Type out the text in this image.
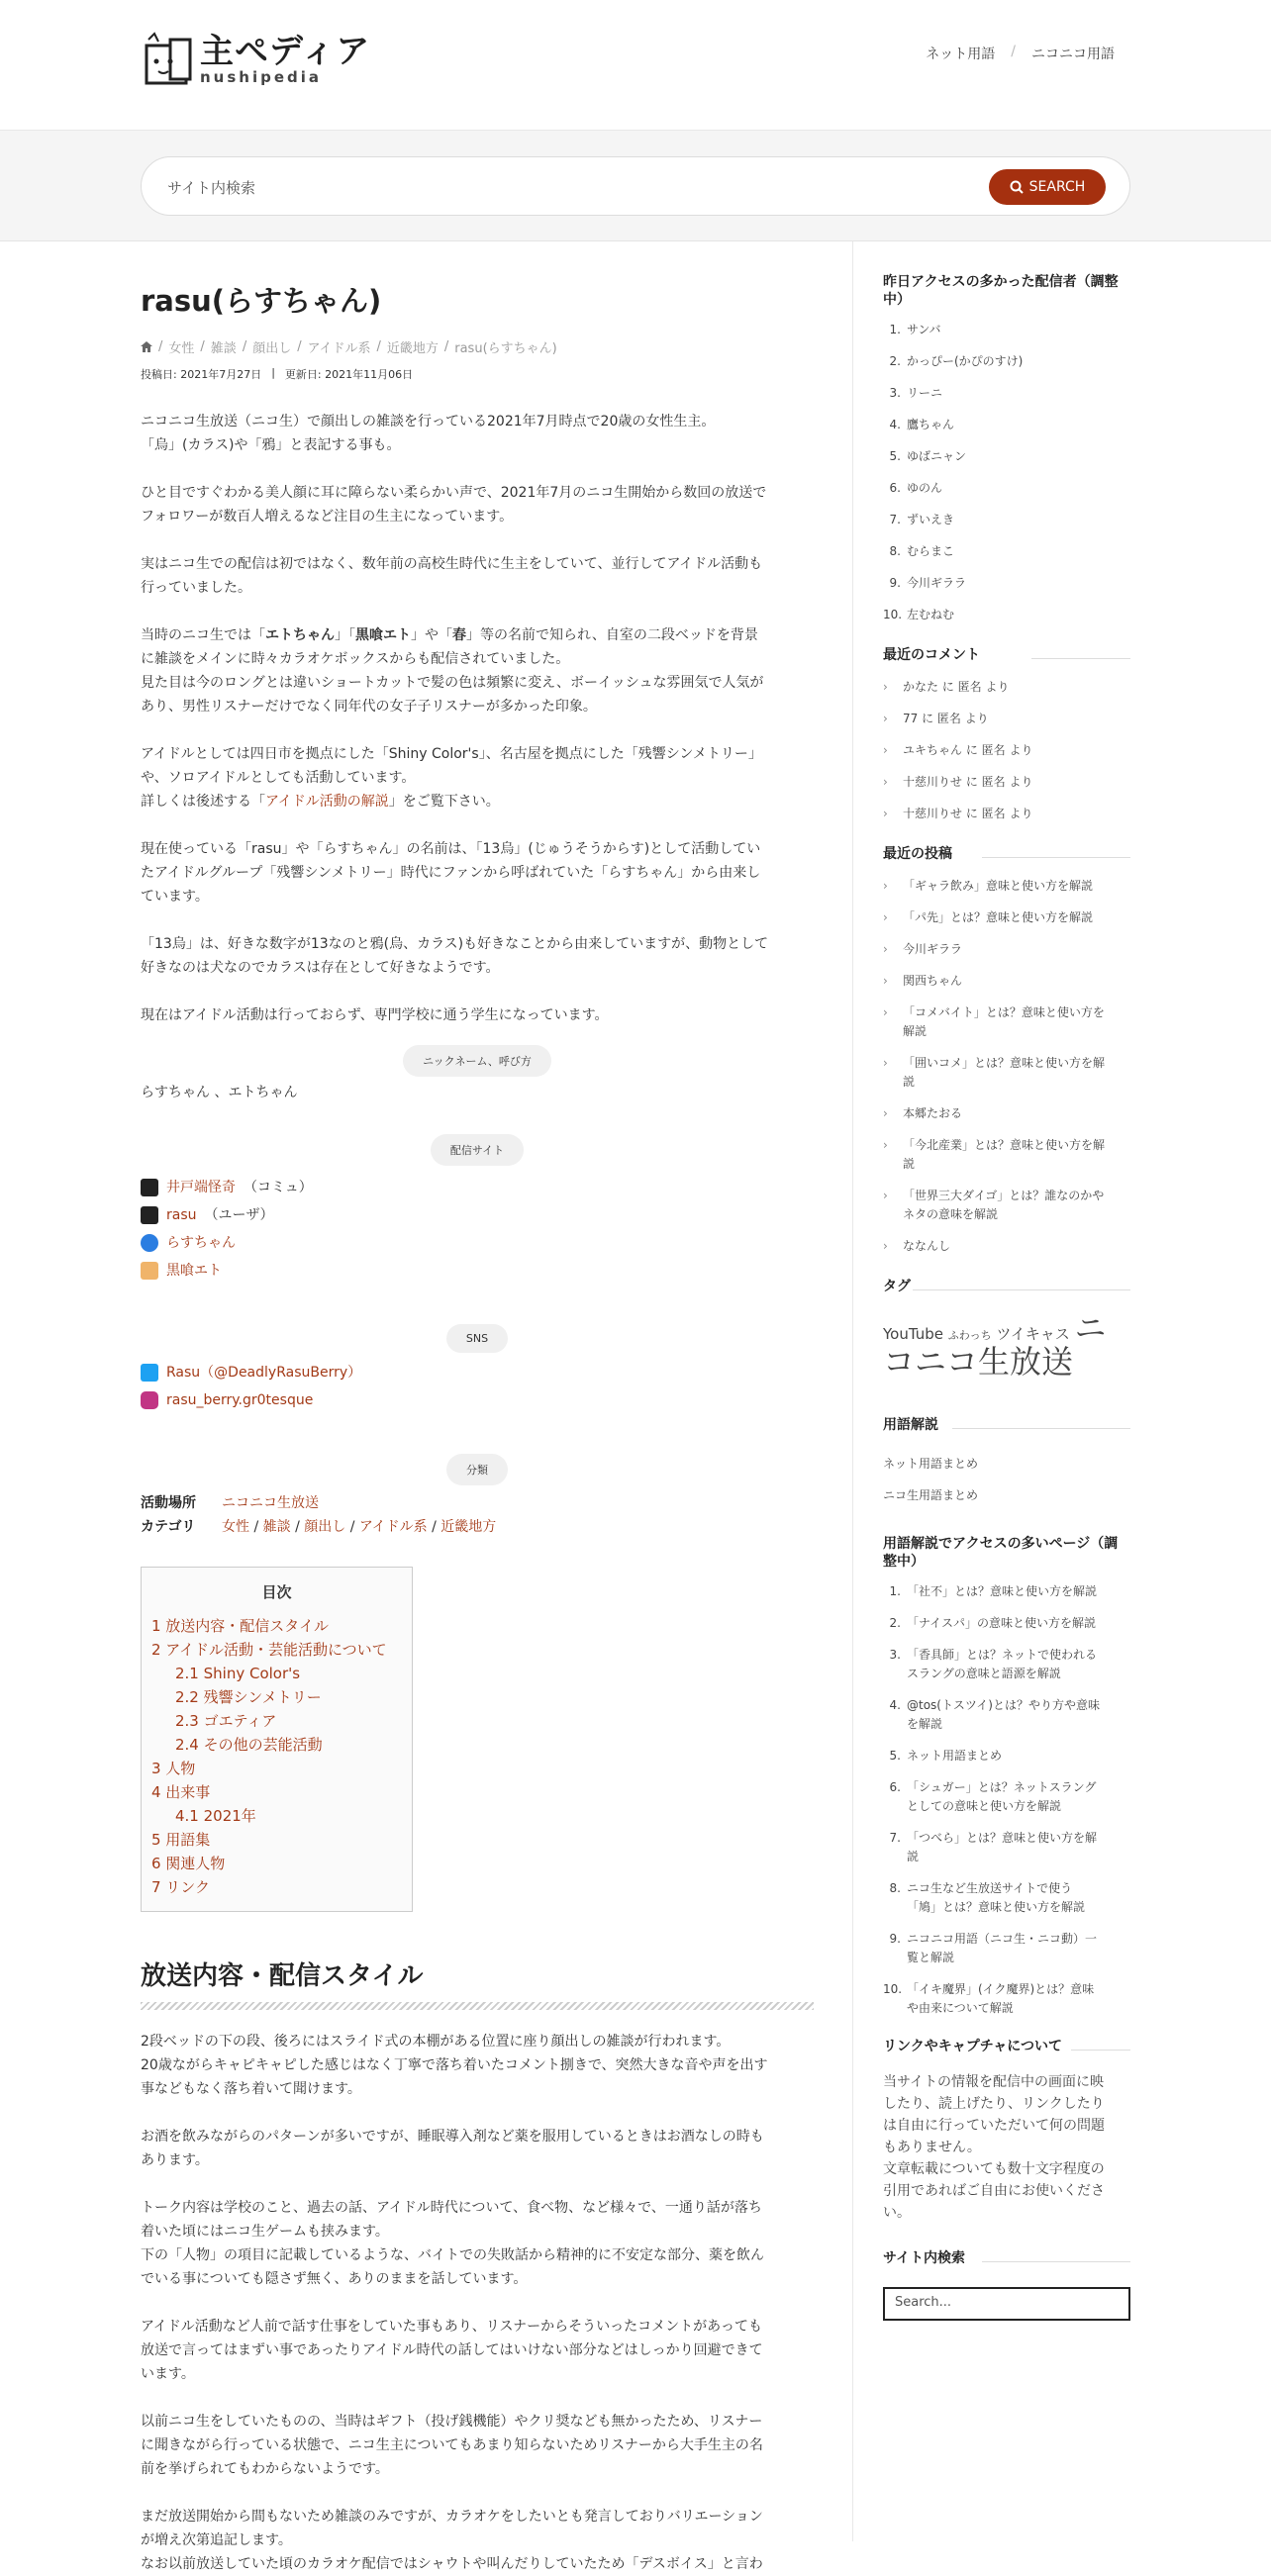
主ペディア
nushipedia
ネット用語 / ニコニコ用語
サイト内検索	SEARCH
rasu(らすちゃん)
/ 女性 / 雑談 / 顔出し / アイドル系 / 近畿地方 / rasu(らすちゃん)
投稿日: 2021年7月27日 | 更新日: 2021年11月06日
ニコニコ生放送（ニコ生）で顔出しの雑談を行っている2021年7月時点で20歳の女性生主。
「烏」(カラス)や「鴉」と表記する事も。
ひと目ですぐわかる美人顔に耳に障らない柔らかい声で、2021年7月のニコ生開始から数回の放送で
フォロワーが数百人増えるなど注目の生主になっています。
実はニコ生での配信は初ではなく、数年前の高校生時代に生主をしていて、並行してアイドル活動も
行っていました。
当時のニコ生では「エトちゃん」「黒喰エト」や「春」等の名前で知られ、自室の二段ベッドを背景
に雑談をメインに時々カラオケボックスからも配信されていました。
見た目は今のロングとは違いショートカットで髪の色は頻繁に変え、ボーイッシュな雰囲気で人気が
あり、男性リスナーだけでなく同年代の女子子リスナーが多かった印象。
アイドルとしては四日市を拠点にした「Shiny Color's」、名古屋を拠点にした「残響シンメトリー」
や、ソロアイドルとしても活動しています。
詳しくは後述する「アイドル活動の解説」をご覧下さい。
現在使っている「rasu」や「らすちゃん」の名前は、「13烏」(じゅうそうからす)として活動してい
たアイドルグループ「残響シンメトリー」時代にファンから呼ばれていた「らすちゃん」から由来し
ています。
「13烏」は、好きな数字が13なのと鴉(烏、カラス)も好きなことから由来していますが、動物として
好きなのは犬なのでカラスは存在として好きなようです。
現在はアイドル活動は行っておらず、専門学校に通う学生になっています。
ニックネーム、呼び方
らすちゃん 、エトちゃん
配信サイト
井戸端怪奇 （コミュ）
rasu （ユーザ）
らすちゃん
黒喰エト
SNS
Rasu（@DeadlyRasuBerry）
rasu_berry.gr0tesque
分類
活動場所	ニコニコ生放送
カテゴリ	女性 / 雑談 / 顔出し / アイドル系 / 近畿地方
目次
1 放送内容・配信スタイル
2 アイドル活動・芸能活動について
2.1 Shiny Color's
2.2 残響シンメトリー
2.3 ゴエティア
2.4 その他の芸能活動
3 人物
4 出来事
4.1 2021年
5 用語集
6 関連人物
7 リンク
放送内容・配信スタイル
2段ベッドの下の段、後ろにはスライド式の本棚がある位置に座り顔出しの雑談が行われます。
20歳ながらキャピキャピした感じはなく丁寧で落ち着いたコメント捌きで、突然大きな音や声を出す
事などもなく落ち着いて聞けます。
お酒を飲みながらのパターンが多いですが、睡眠導入剤など薬を服用しているときはお酒なしの時も
あります。
トーク内容は学校のこと、過去の話、アイドル時代について、食べ物、など様々で、一通り話が落ち
着いた頃にはニコ生ゲームも挟みます。
下の「人物」の項目に記載しているような、バイトでの失敗話から精神的に不安定な部分、薬を飲ん
でいる事についても隠さず無く、ありのままを話しています。
アイドル活動など人前で話す仕事をしていた事もあり、リスナーからそういったコメントがあっても
放送で言ってはまずい事であったりアイドル時代の話してはいけない部分などはしっかり回避できて
います。
以前ニコ生をしていたものの、当時はギフト（投げ銭機能）やクリ奨なども無かったため、リスナー
に聞きながら行っている状態で、ニコ生主についてもあまり知らないためリスナーから大手生主の名
前を挙げられてもわからないようです。
まだ放送開始から間もないため雑談のみですが、カラオケをしたいとも発言しておりバリエーション
が増え次第追記します。
なお以前放送していた頃のカラオケ配信ではシャウトや叫んだりしていたため「デスボイス」と言わ
昨日アクセスの多かった配信者（調整中）
1. サンバ
2. かっぴー(かぴのすけ)
3. リーニ
4. 鷹ちゃん
5. ゆばニャン
6. ゆのん
7. ずいえき
8. むらまこ
9. 今川ギララ
10. 左むねむ
最近のコメント
›	かなた に 匿名 より
›	77 に 匿名 より
›	ユキちゃん に 匿名 より
›	十慈川りせ に 匿名 より
›	十慈川りせ に 匿名 より
最近の投稿
›	「ギャラ飲み」意味と使い方を解説
›	「パ先」とは？意味と使い方を解説
›	今川ギララ
›	関西ちゃん
›	「コメバイト」とは？意味と使い方を
解説
›	「囲いコメ」とは？意味と使い方を解
説
›	本郷たおる
›	「今北産業」とは？意味と使い方を解
説
›	「世界三大ダイゴ」とは？誰なのかや
ネタの意味を解説
›	ななんし
タグ
YouTube ふわっち ツイキャス ニコニコ生放送
用語解説
ネット用語まとめ
ニコ生用語まとめ
用語解説でアクセスの多いページ（調整中）
1. 「社不」とは？意味と使い方を解説
2. 「ナイスパ」の意味と使い方を解説
3. 「香具師」とは？ネットで使われる
スラングの意味と語源を解説
4. @tos(トスツイ)とは？やり方や意味
を解説
5. ネット用語まとめ
6. 「シュガー」とは？ネットスラング
としての意味と使い方を解説
7. 「つべら」とは？意味と使い方を解
説
8. ニコ生など生放送サイトで使う
「鳩」とは？意味と使い方を解説
9. ニコニコ用語（ニコ生・ニコ動）一
覧と解説
10. 「イキ魔界」(イク魔界)とは？意味
や由来について解説
リンクやキャプチャについて
当サイトの情報を配信中の画面に映
したり、読上げたり、リンクしたり
は自由に行っていただいて何の問題
もありません。
文章転載についても数十文字程度の
引用であればご自由にお使いくださ
い。
サイト内検索
Search...
